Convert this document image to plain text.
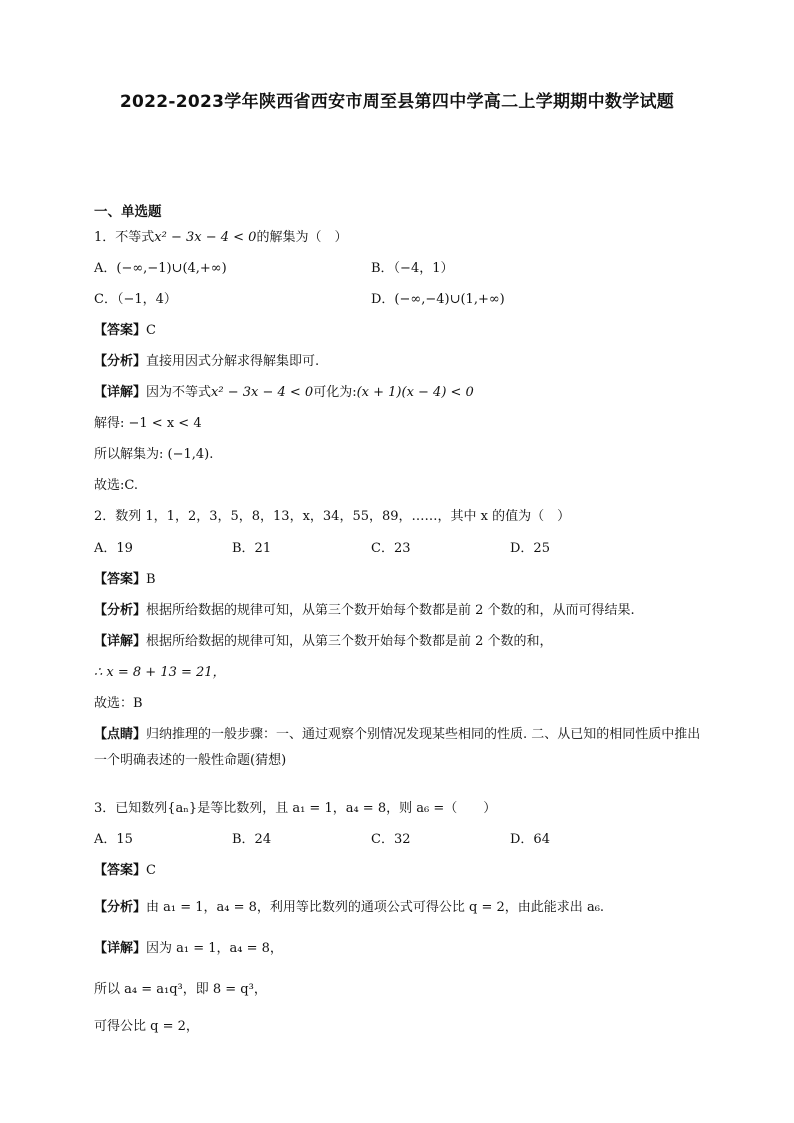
2022-2023学年陕西省西安市周至县第四中学高二上学期期中数学试题
一、单选题
1．不等式x² − 3x − 4 < 0的解集为（　）
A．(−∞,−1)∪(4,+∞)	B．（−4，1）
C．（−1，4）	D．(−∞,−4)∪(1,+∞)
【答案】C
【分析】直接用因式分解求得解集即可.
【详解】因为不等式x² − 3x − 4 < 0可化为:(x + 1)(x − 4) < 0
解得: −1 < x < 4
所以解集为: (−1,4).
故选:C.
2．数列 1，1，2，3，5，8，13，x，34，55，89，……，其中 x 的值为（　）
A．19	B．21	C．23	D．25
【答案】B
【分析】根据所给数据的规律可知，从第三个数开始每个数都是前 2 个数的和，从而可得结果.
【详解】根据所给数据的规律可知，从第三个数开始每个数都是前 2 个数的和，
∴ x = 8 + 13 = 21，
故选：B
【点睛】归纳推理的一般步骤：一、通过观察个别情况发现某些相同的性质. 二、从已知的相同性质中推出一个明确表述的一般性命题(猜想)
3．已知数列{aₙ}是等比数列，且 a₁ = 1，a₄ = 8，则 a₆ =（　　）
A．15	B．24	C．32	D．64
【答案】C
【分析】由 a₁ = 1，a₄ = 8，利用等比数列的通项公式可得公比 q = 2，由此能求出 a₆.
【详解】因为 a₁ = 1，a₄ = 8，
所以 a₄ = a₁q³，即 8 = q³，
可得公比 q = 2，
